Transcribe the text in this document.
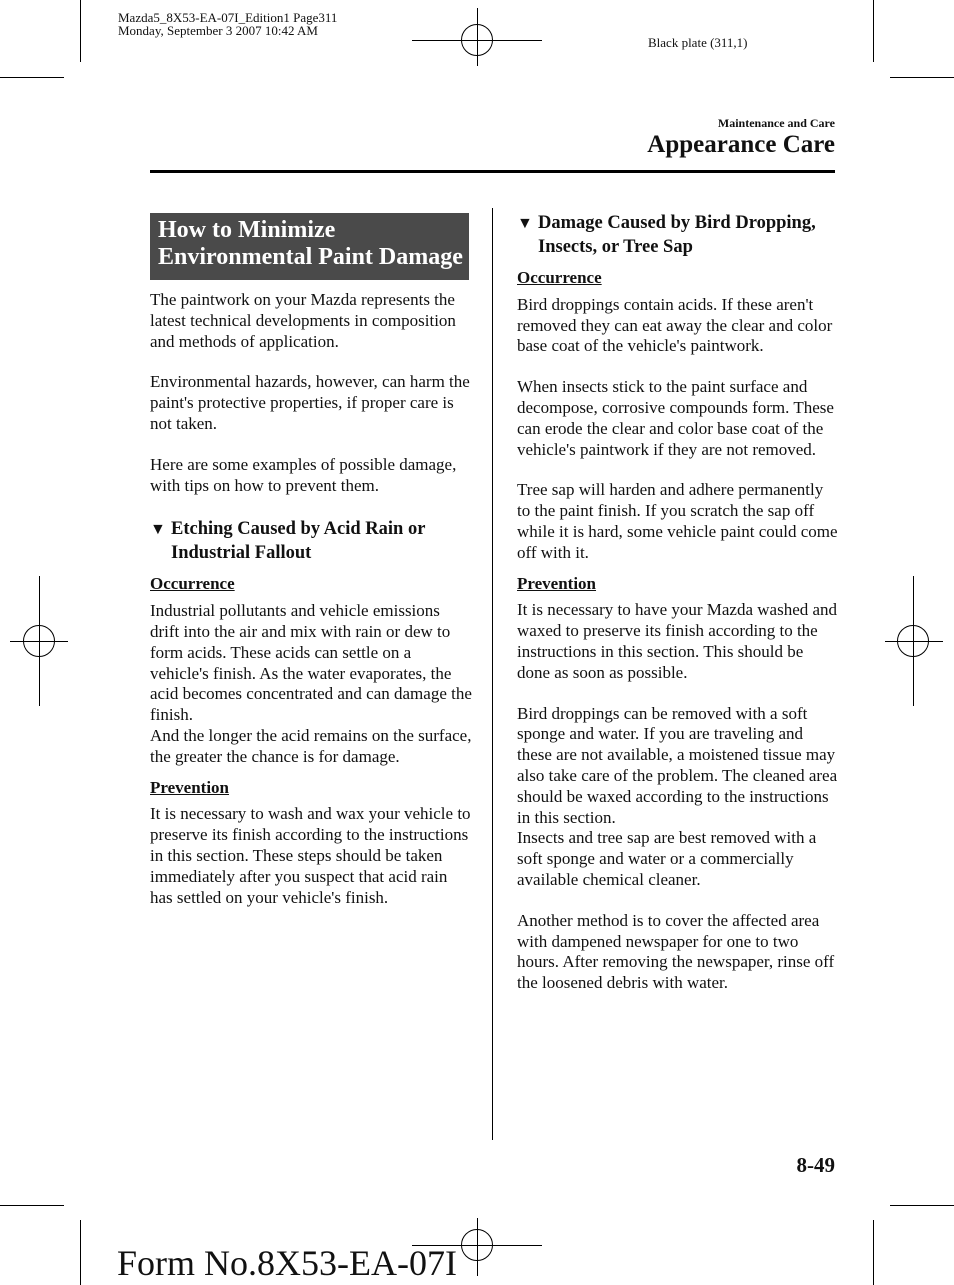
Mazda5_8X53-EA-07I_Edition1 Page311
Monday, September 3 2007 10:42 AM
Black plate (311,1)
Maintenance and Care
Appearance Care
How to Minimize
Environmental Paint Damage

The paintwork on your Mazda represents the latest technical developments in composition and methods of application.

Environmental hazards, however, can harm the paint's protective properties, if proper care is not taken.

Here are some examples of possible damage, with tips on how to prevent them.

▼ Etching Caused by Acid Rain or Industrial Fallout
Occurrence

Industrial pollutants and vehicle emissions drift into the air and mix with rain or dew to form acids. These acids can settle on a vehicle's finish. As the water evaporates, the acid becomes concentrated and can damage the finish.

And the longer the acid remains on the surface, the greater the chance is for damage.

Prevention

It is necessary to wash and wax your vehicle to preserve its finish according to the instructions in this section. These steps should be taken immediately after you suspect that acid rain has settled on your vehicle's finish.

▼ Damage Caused by Bird Dropping, Insects, or Tree Sap
Occurrence

Bird droppings contain acids. If these aren't removed they can eat away the clear and color base coat of the vehicle's paintwork.

When insects stick to the paint surface and decompose, corrosive compounds form. These can erode the clear and color base coat of the vehicle's paintwork if they are not removed.

Tree sap will harden and adhere permanently to the paint finish. If you scratch the sap off while it is hard, some vehicle paint could come off with it.

Prevention

It is necessary to have your Mazda washed and waxed to preserve its finish according to the instructions in this section. This should be done as soon as possible.

Bird droppings can be removed with a soft sponge and water. If you are traveling and these are not available, a moistened tissue may also take care of the problem. The cleaned area should be waxed according to the instructions in this section.

Insects and tree sap are best removed with a soft sponge and water or a commercially available chemical cleaner.

Another method is to cover the affected area with dampened newspaper for one to two hours. After removing the newspaper, rinse off the loosened debris with water.

8-49
Form No.8X53-EA-07I
